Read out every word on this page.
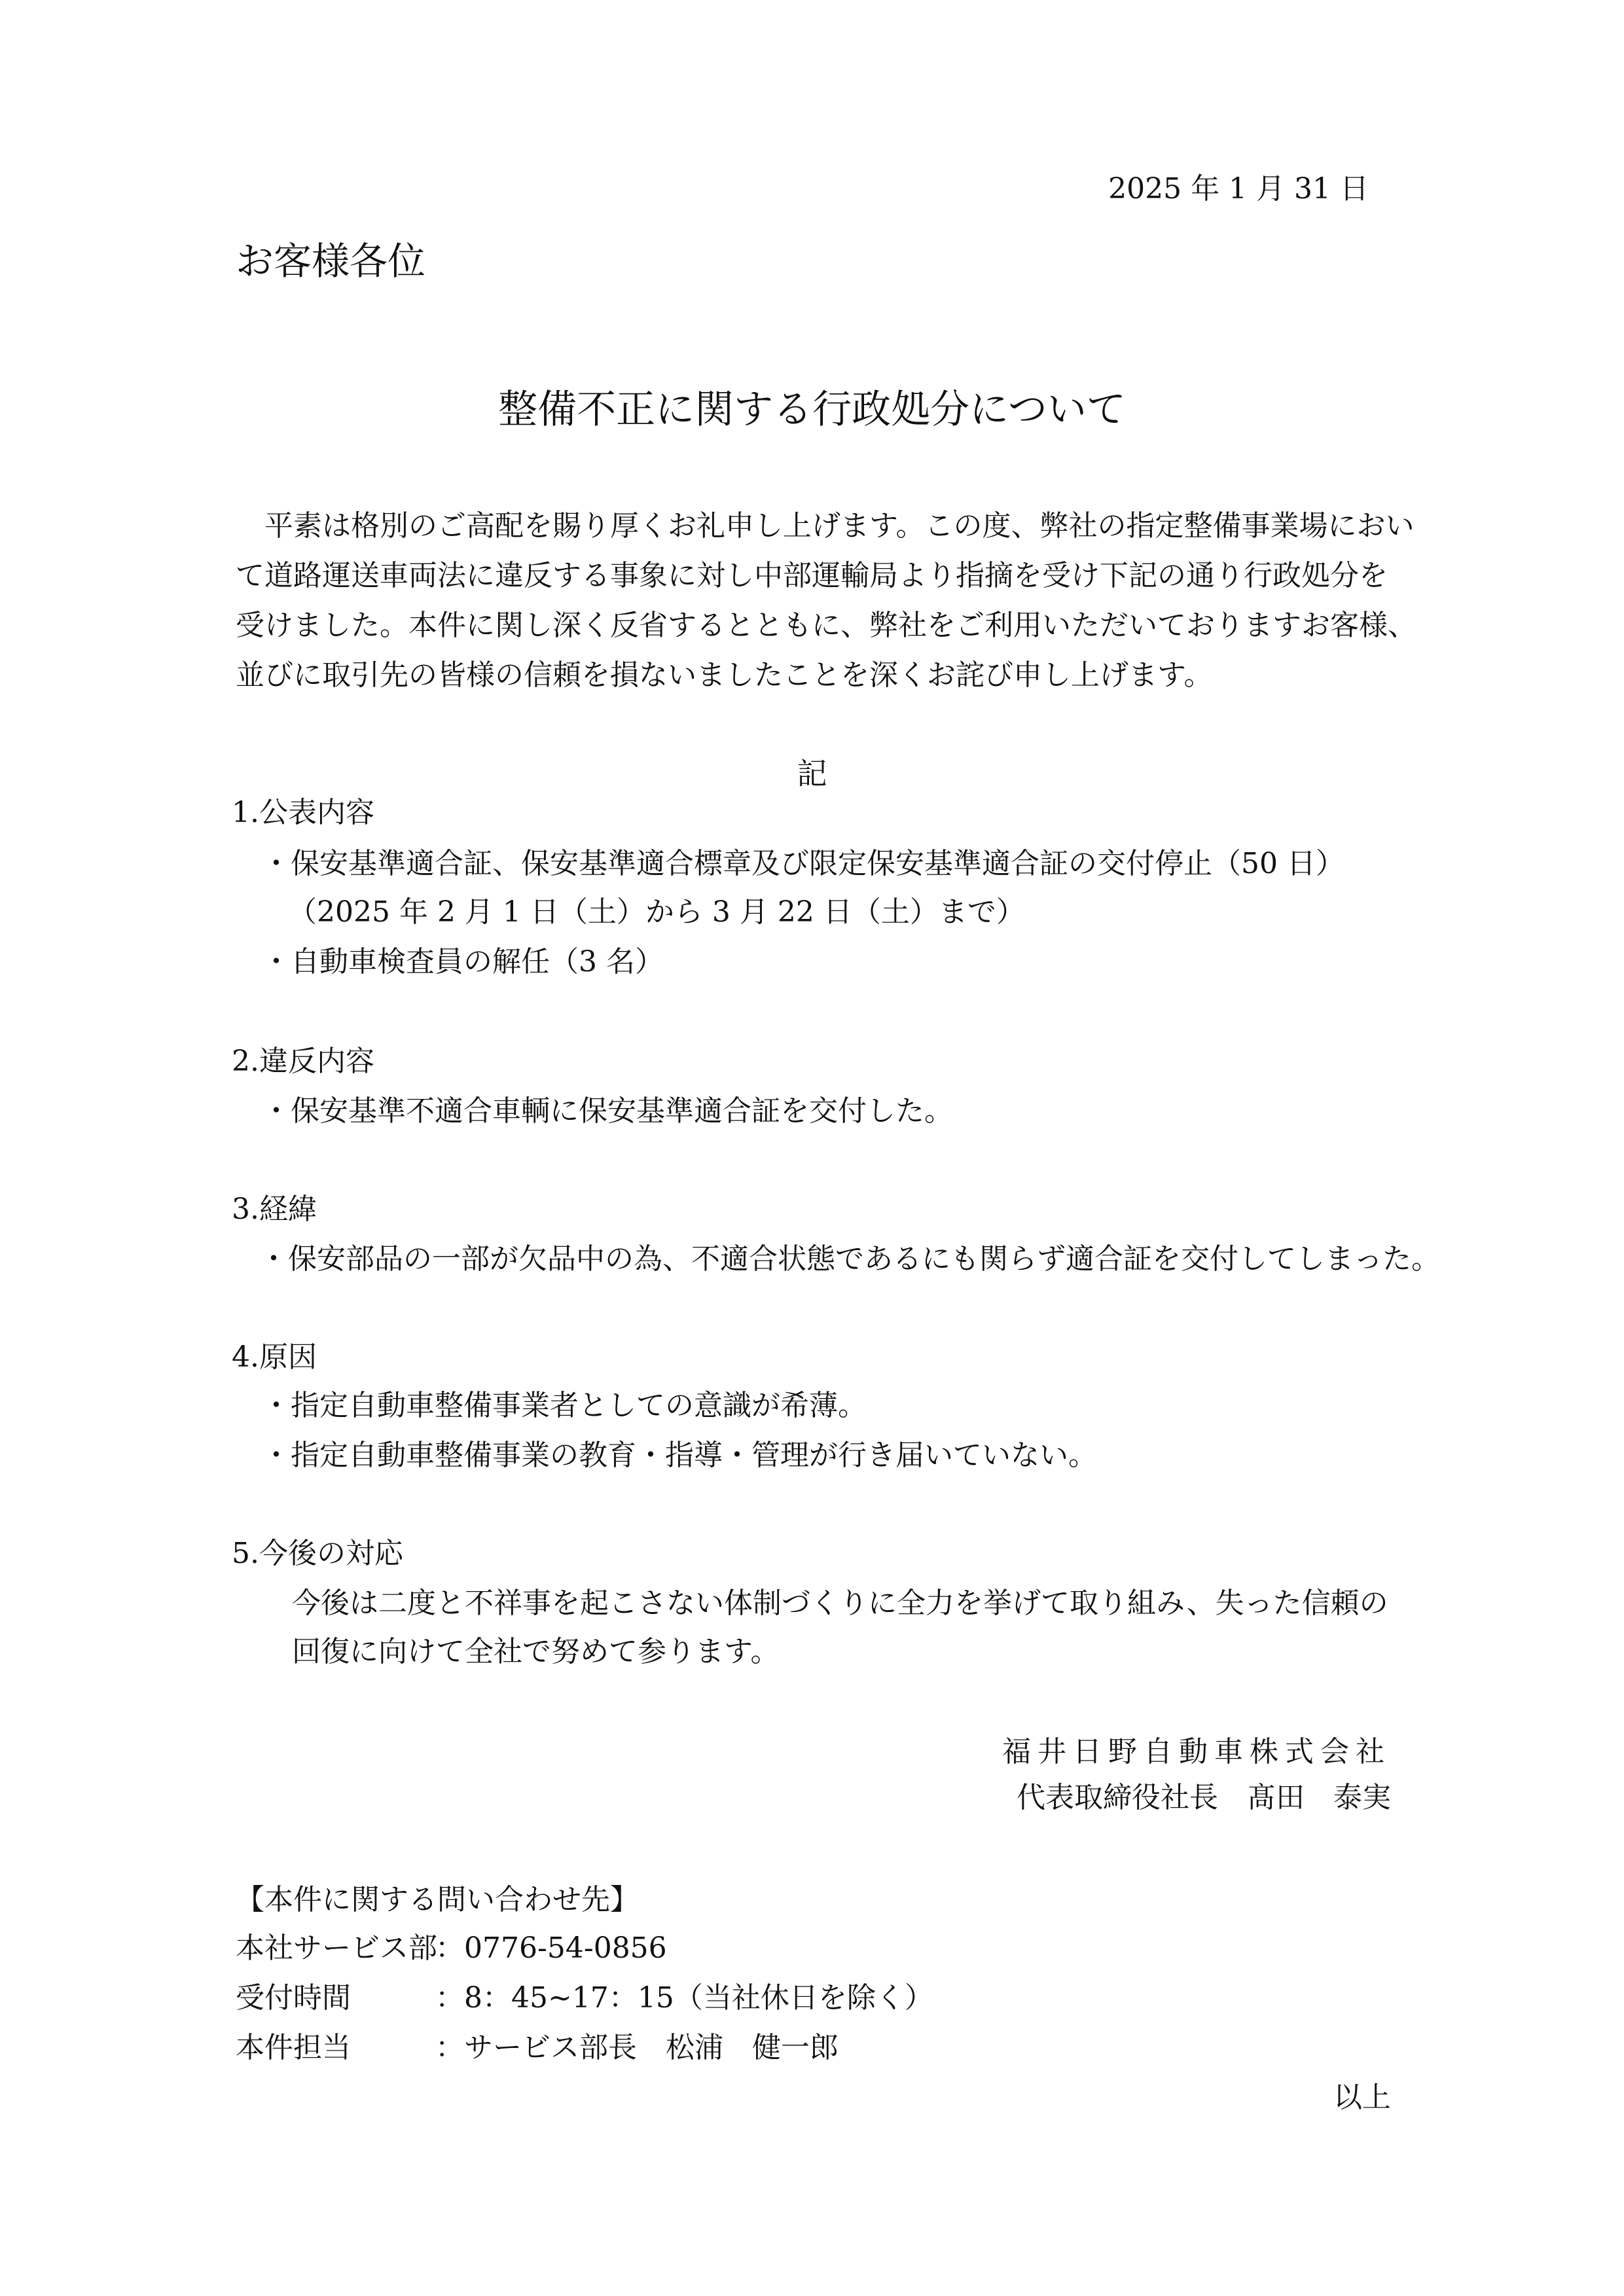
2025 年 1 月 31 日
お客様各位
整備不正に関する行政処分について

　平素は格別のご高配を賜り厚くお礼申し上げます。この度、弊社の指定整備事業場におい

て道路運送車両法に違反する事象に対し中部運輸局より指摘を受け下記の通り行政処分を

受けました。本件に関し深く反省するとともに、弊社をご利用いただいておりますお客様、

並びに取引先の皆様の信頼を損ないましたことを深くお詫び申し上げます。

記
1.公表内容
・保安基準適合証、保安基準適合標章及び限定保安基準適合証の交付停止（50 日）
（2025 年 2 月 1 日（土）から 3 月 22 日（土）まで）
・自動車検査員の解任（3 名）
2.違反内容
・保安基準不適合車輌に保安基準適合証を交付した。
3.経緯
・保安部品の一部が欠品中の為、不適合状態であるにも関らず適合証を交付してしまった。
4.原因
・指定自動車整備事業者としての意識が希薄。
・指定自動車整備事業の教育・指導・管理が行き届いていない。
5.今後の対応
今後は二度と不祥事を起こさない体制づくりに全力を挙げて取り組み、失った信頼の
回復に向けて全社で努めて参ります。
福井日野自動車株式会社
代表取締役社長　髙田　泰実
【本件に関する問い合わせ先】
本社サービス部：0776-54-0856
受付時間	：8：45~17：15（当社休日を除く）
本件担当	：サービス部長　松浦　健一郎
以上
